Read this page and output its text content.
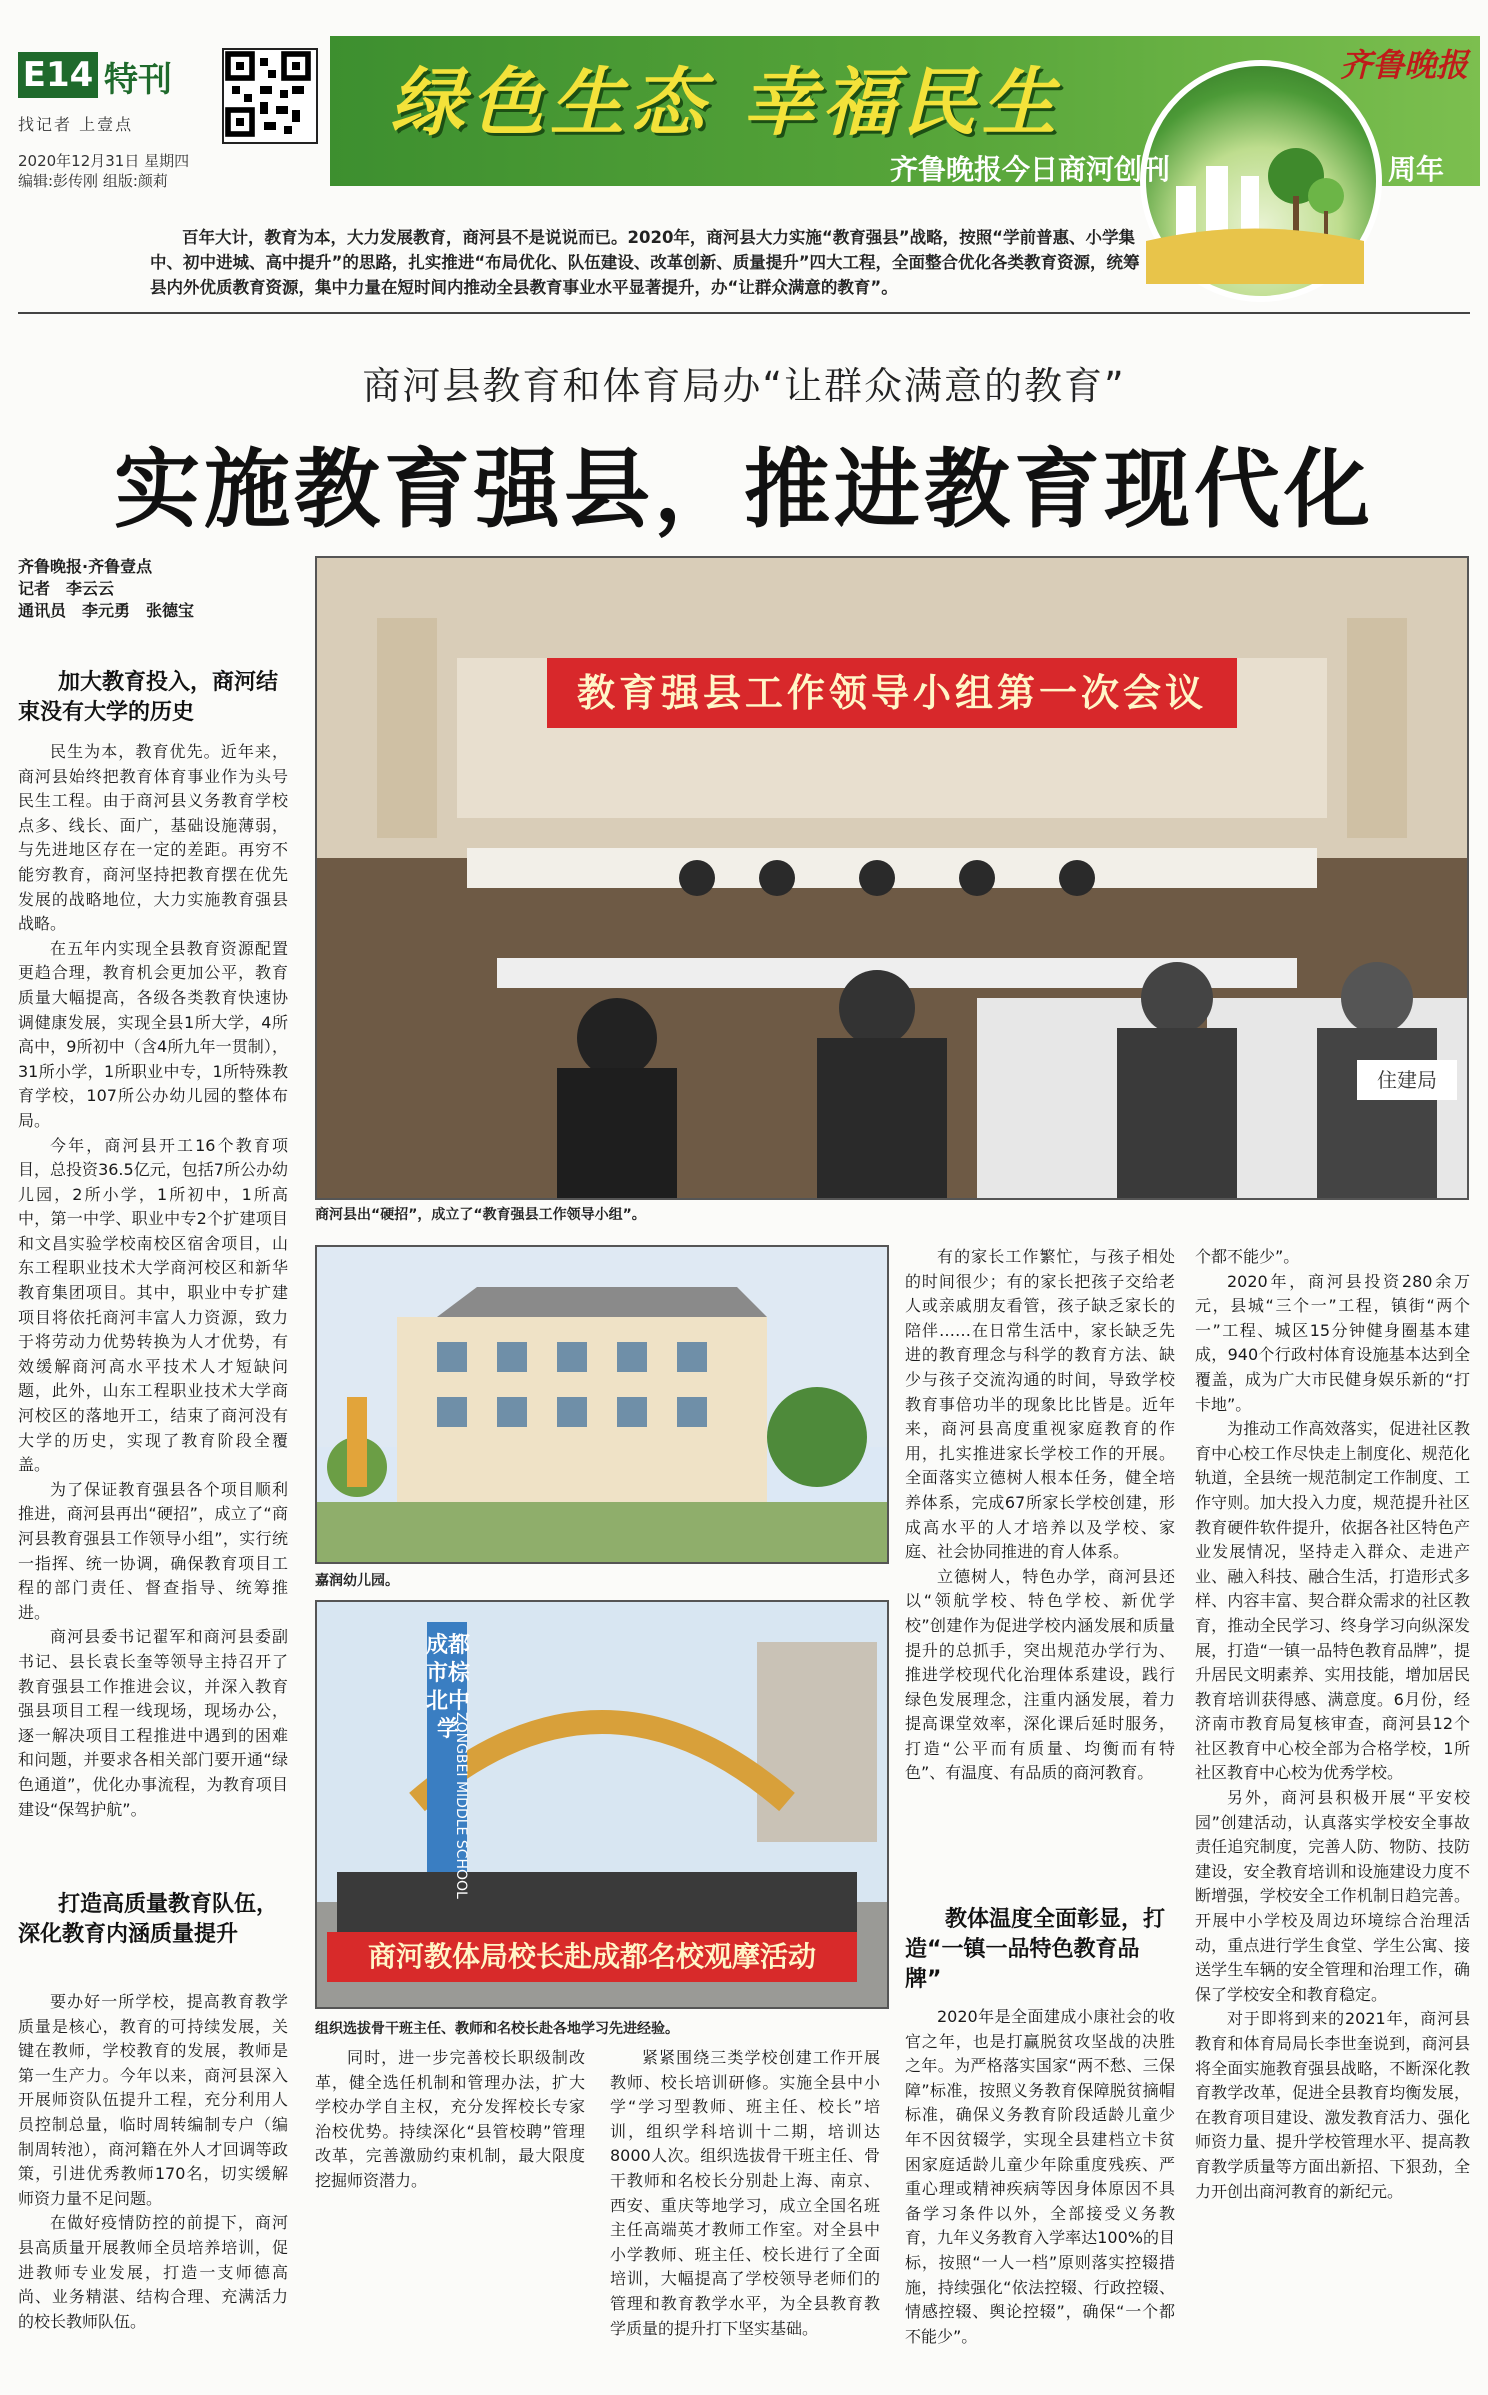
E14 特刊
找记者 上壹点
2020年12月31日 星期四
编辑:彭传刚 组版:颜莉
绿色生态 幸福民生
齐鲁晚报今日商河创刊	周年
齐鲁晚报
百年大计，教育为本，大力发展教育，商河县不是说说而已。2020年，商河县大力实施“教育强县”战略，按照“学前普惠、小学集中、初中进城、高中提升”的思路，扎实推进“布局优化、队伍建设、改革创新、质量提升”四大工程，全面整合优化各类教育资源，统筹县内外优质教育资源，集中力量在短时间内推动全县教育事业水平显著提升，办“让群众满意的教育”。
商河县教育和体育局办“让群众满意的教育”
实施教育强县，推进教育现代化
齐鲁晚报·齐鲁壹点
记者　李云云
通讯员　李元勇　张德宝
加大教育投入，商河结束没有大学的历史

民生为本，教育优先。近年来，商河县始终把教育体育事业作为头号民生工程。由于商河县义务教育学校点多、线长、面广，基础设施薄弱，与先进地区存在一定的差距。再穷不能穷教育，商河坚持把教育摆在优先发展的战略地位，大力实施教育强县战略。

在五年内实现全县教育资源配置更趋合理，教育机会更加公平，教育质量大幅提高，各级各类教育快速协调健康发展，实现全县1所大学，4所高中，9所初中（含4所九年一贯制），31所小学，1所职业中专，1所特殊教育学校，107所公办幼儿园的整体布局。

今年，商河县开工16个教育项目，总投资36.5亿元，包括7所公办幼儿园，2所小学，1所初中，1所高中，第一中学、职业中专2个扩建项目和文昌实验学校南校区宿舍项目，山东工程职业技术大学商河校区和新华教育集团项目。其中，职业中专扩建项目将依托商河丰富人力资源，致力于将劳动力优势转换为人才优势，有效缓解商河高水平技术人才短缺问题，此外，山东工程职业技术大学商河校区的落地开工，结束了商河没有大学的历史，实现了教育阶段全覆盖。

为了保证教育强县各个项目顺利推进，商河县再出“硬招”，成立了“商河县教育强县工作领导小组”，实行统一指挥、统一协调，确保教育项目工程的部门责任、督查指导、统筹推进。

商河县委书记翟军和商河县委副书记、县长袁长奎等领导主持召开了教育强县工作推进会议，并深入教育强县项目工程一线现场，现场办公，逐一解决项目工程推进中遇到的困难和问题，并要求各相关部门要开通“绿色通道”，优化办事流程，为教育项目建设“保驾护航”。

打造高质量教育队伍，深化教育内涵质量提升

要办好一所学校，提高教育教学质量是核心，教育的可持续发展，关键在教师，学校教育的发展，教师是第一生产力。今年以来，商河县深入开展师资队伍提升工程，充分利用人员控制总量，临时周转编制专户（编制周转池），商河籍在外人才回调等政策，引进优秀教师170名，切实缓解师资力量不足问题。

在做好疫情防控的前提下，商河县高质量开展教师全员培养培训，促进教师专业发展，打造一支师德高尚、业务精湛、结构合理、充满活力的校长教师队伍。

教育强县工作领导小组第一次会议
住建局
商河县出“硬招”，成立了“教育强县工作领导小组”。
嘉润幼儿园。
成都市棕北中学
ZONGBEI MIDDLE SCHOOL
商河教体局校长赴成都名校观摩活动
组织选拔骨干班主任、教师和名校长赴各地学习先进经验。

同时，进一步完善校长职级制改革，健全选任机制和管理办法，扩大学校办学自主权，充分发挥校长专家治校优势。持续深化“县管校聘”管理改革，完善激励约束机制，最大限度挖掘师资潜力。

紧紧围绕三类学校创建工作开展教师、校长培训研修。实施全县中小学“学习型教师、班主任、校长”培训，组织学科培训十二期，培训达8000人次。组织选拔骨干班主任、骨干教师和名校长分别赴上海、南京、西安、重庆等地学习，成立全国名班主任高端英才教师工作室。对全县中小学教师、班主任、校长进行了全面培训，大幅提高了学校领导老师们的管理和教育教学水平，为全县教育教学质量的提升打下坚实基础。

有的家长工作繁忙，与孩子相处的时间很少；有的家长把孩子交给老人或亲戚朋友看管，孩子缺乏家长的陪伴……在日常生活中，家长缺乏先进的教育理念与科学的教育方法、缺少与孩子交流沟通的时间，导致学校教育事倍功半的现象比比皆是。近年来，商河县高度重视家庭教育的作用，扎实推进家长学校工作的开展。全面落实立德树人根本任务，健全培养体系，完成67所家长学校创建，形成高水平的人才培养以及学校、家庭、社会协同推进的育人体系。

立德树人，特色办学，商河县还以“领航学校、特色学校、新优学校”创建作为促进学校内涵发展和质量提升的总抓手，突出规范办学行为、推进学校现代化治理体系建设，践行绿色发展理念，注重内涵发展，着力提高课堂效率，深化课后延时服务，打造“公平而有质量、均衡而有特色”、有温度、有品质的商河教育。

教体温度全面彰显，打造“一镇一品特色教育品牌”

2020年是全面建成小康社会的收官之年，也是打赢脱贫攻坚战的决胜之年。为严格落实国家“两不愁、三保障”标准，按照义务教育保障脱贫摘帽标准，确保义务教育阶段适龄儿童少年不因贫辍学，实现全县建档立卡贫困家庭适龄儿童少年除重度残疾、严重心理或精神疾病等因身体原因不具备学习条件以外，全部接受义务教育，九年义务教育入学率达100%的目标，按照“一人一档”原则落实控辍措施，持续强化“依法控辍、行政控辍、情感控辍、舆论控辍”，确保“一个都不能少”。

个都不能少”。

2020年，商河县投资280余万元，县城“三个一”工程，镇街“两个一”工程、城区15分钟健身圈基本建成，940个行政村体育设施基本达到全覆盖，成为广大市民健身娱乐新的“打卡地”。

为推动工作高效落实，促进社区教育中心校工作尽快走上制度化、规范化轨道，全县统一规范制定工作制度、工作守则。加大投入力度，规范提升社区教育硬件软件提升，依据各社区特色产业发展情况，坚持走入群众、走进产业、融入科技、融合生活，打造形式多样、内容丰富、契合群众需求的社区教育，推动全民学习、终身学习向纵深发展，打造“一镇一品特色教育品牌”，提升居民文明素养、实用技能，增加居民教育培训获得感、满意度。6月份，经济南市教育局复核审查，商河县12个社区教育中心校全部为合格学校，1所社区教育中心校为优秀学校。

另外，商河县积极开展“平安校园”创建活动，认真落实学校安全事故责任追究制度，完善人防、物防、技防建设，安全教育培训和设施建设力度不断增强，学校安全工作机制日趋完善。开展中小学校及周边环境综合治理活动，重点进行学生食堂、学生公寓、接送学生车辆的安全管理和治理工作，确保了学校安全和教育稳定。

对于即将到来的2021年，商河县教育和体育局局长李世奎说到，商河县将全面实施教育强县战略，不断深化教育教学改革，促进全县教育均衡发展，在教育项目建设、激发教育活力、强化师资力量、提升学校管理水平、提高教育教学质量等方面出新招、下狠劲，全力开创出商河教育的新纪元。
